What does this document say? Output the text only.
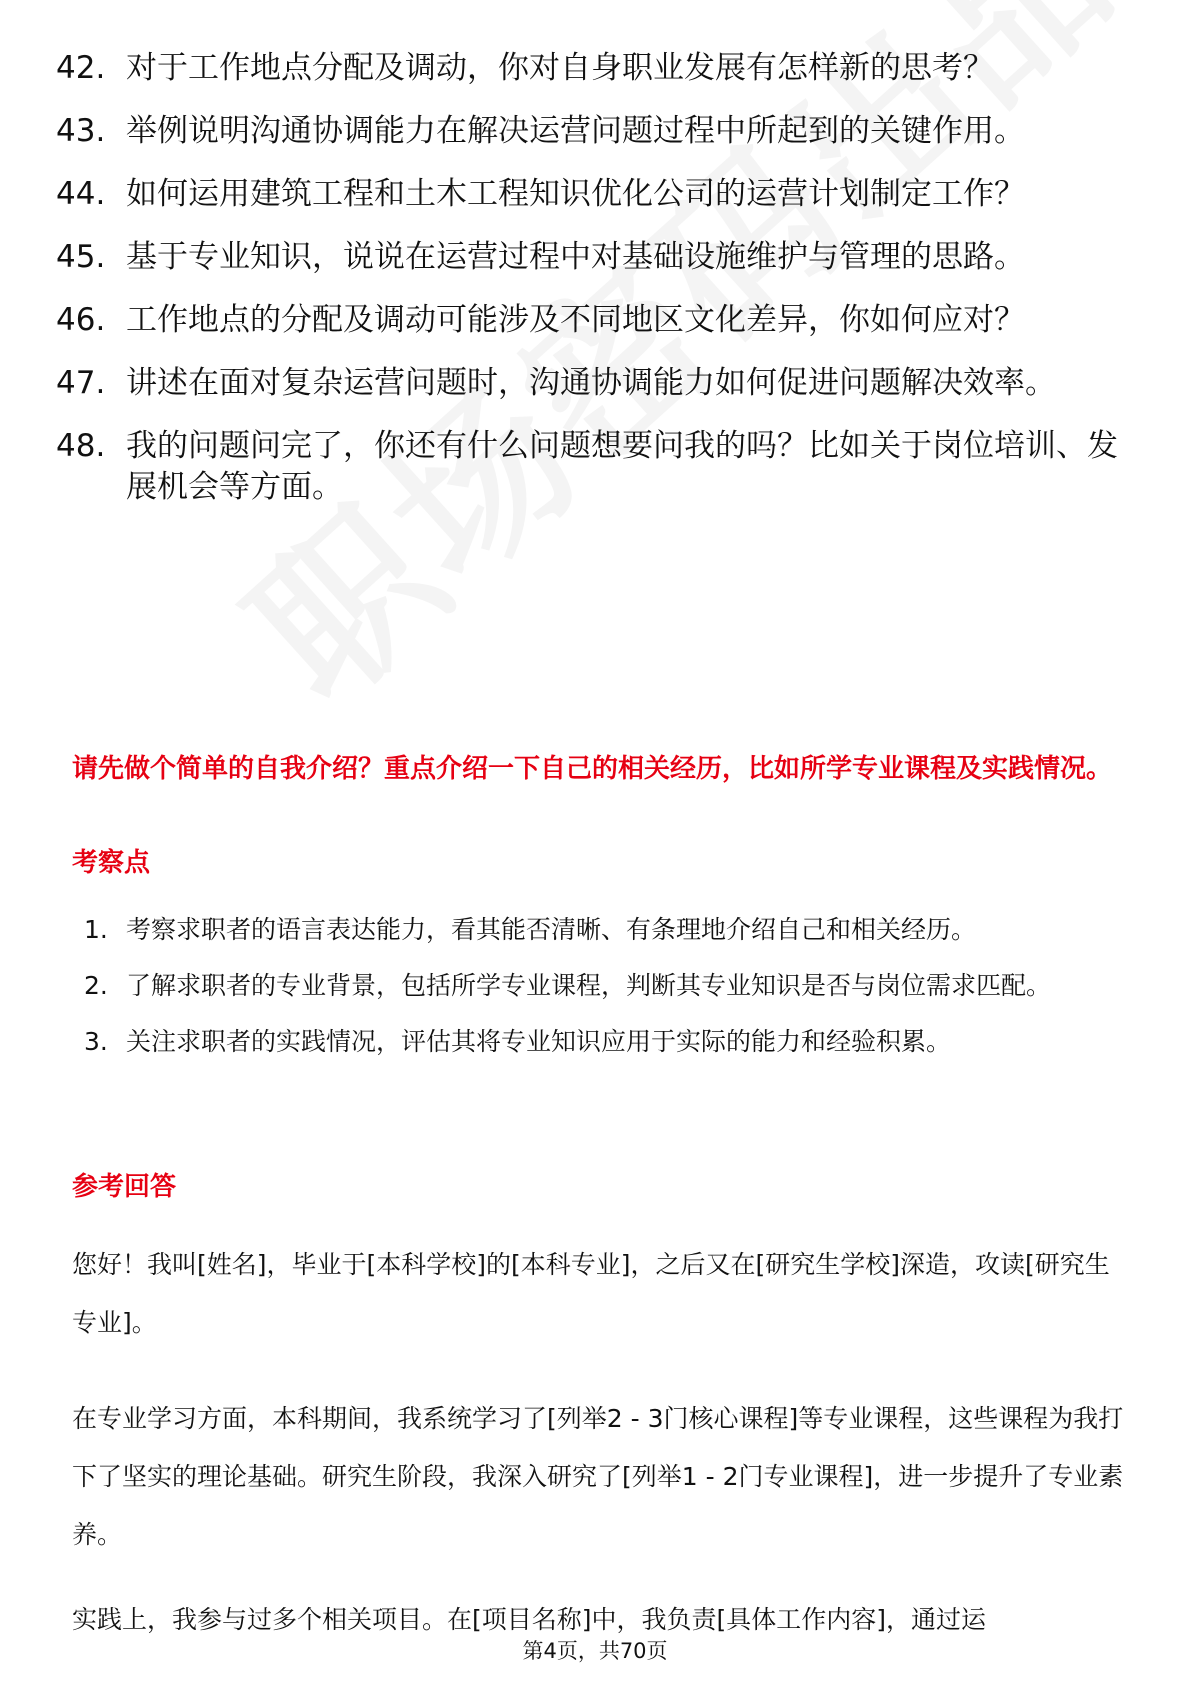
42. 对于工作地点分配及调动，你对自身职业发展有怎样新的思考？
43. 举例说明沟通协调能力在解决运营问题过程中所起到的关键作用。
44. 如何运用建筑工程和土木工程知识优化公司的运营计划制定工作？
45. 基于专业知识，说说在运营过程中对基础设施维护与管理的思路。
46. 工作地点的分配及调动可能涉及不同地区文化差异，你如何应对？
47. 讲述在面对复杂运营问题时，沟通协调能力如何促进问题解决效率。
48. 我的问题问完了，你还有什么问题想要问我的吗？比如关于岗位培训、发展机会等方面。
请先做个简单的自我介绍？重点介绍一下自己的相关经历，比如所学专业课程及实践情况。
考察点
1. 考察求职者的语言表达能力，看其能否清晰、有条理地介绍自己和相关经历。
2. 了解求职者的专业背景，包括所学专业课程，判断其专业知识是否与岗位需求匹配。
3. 关注求职者的实践情况，评估其将专业知识应用于实际的能力和经验积累。
参考回答
您好！我叫[姓名]，毕业于[本科学校]的[本科专业]，之后又在[研究生学校]深造，攻读[研究生专业]。
在专业学习方面，本科期间，我系统学习了[列举2 - 3门核心课程]等专业课程，这些课程为我打下了坚实的理论基础。研究生阶段，我深入研究了[列举1 - 2门专业课程]，进一步提升了专业素养。
实践上，我参与过多个相关项目。在[项目名称]中，我负责[具体工作内容]，通过运
第4页，共70页
